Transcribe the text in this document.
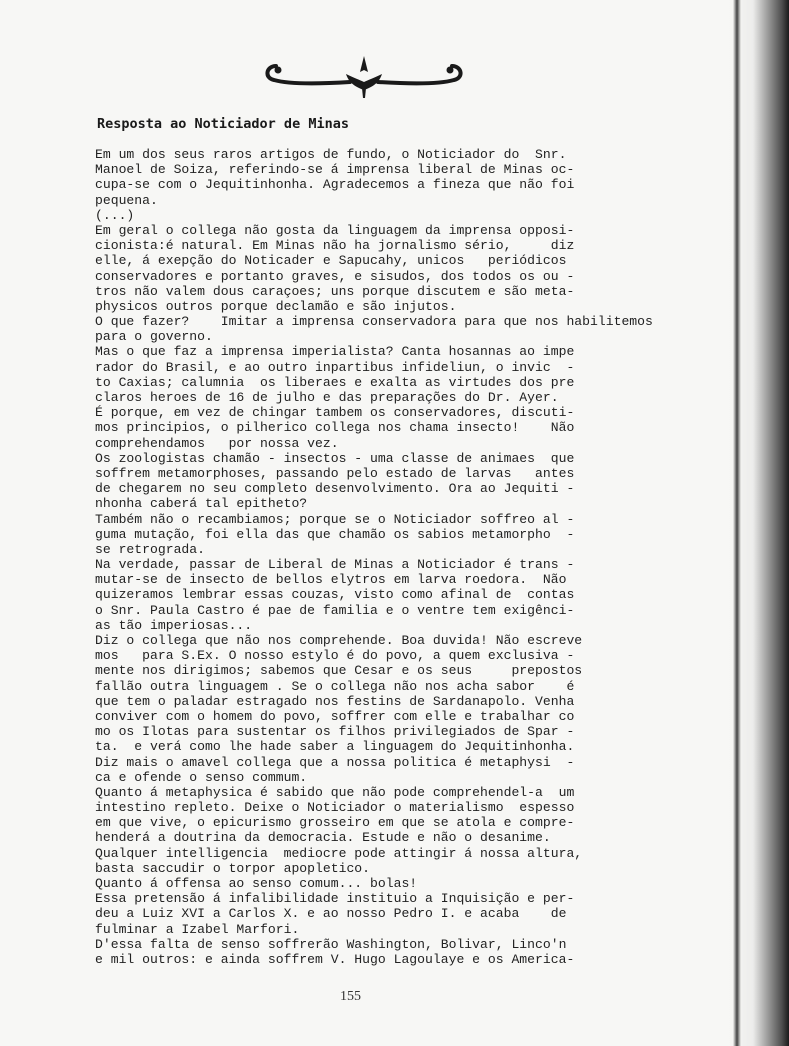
Resposta ao Noticiador de Minas
Em um dos seus raros artigos de fundo, o Noticiador do  Snr.
Manoel de Soiza, referindo-se á imprensa liberal de Minas oc-
cupa-se com o Jequitinhonha. Agradecemos a fineza que não foi
pequena.
(...)
Em geral o collega não gosta da linguagem da imprensa opposi-
cionista:é natural. Em Minas não ha jornalismo sério,     diz
elle, á exepção do Noticader e Sapucahy, unicos   periódicos
conservadores e portanto graves, e sisudos, dos todos os ou -
tros não valem dous caraçoes; uns porque discutem e são meta-
physicos outros porque declamão e são injutos.
O que fazer?    Imitar a imprensa conservadora para que nos habilitemos
para o governo.
Mas o que faz a imprensa imperialista? Canta hosannas ao impe
rador do Brasil, e ao outro inpartibus infideliun, o invic  -
to Caxias; calumnia  os liberaes e exalta as virtudes dos pre
claros heroes de 16 de julho e das preparações do Dr. Ayer.
É porque, em vez de chingar tambem os conservadores, discuti-
mos principios, o pilherico collega nos chama insecto!    Não
comprehendamos   por nossa vez.
Os zoologistas chamão - insectos - uma classe de animaes  que
soffrem metamorphoses, passando pelo estado de larvas   antes
de chegarem no seu completo desenvolvimento. Ora ao Jequiti -
nhonha caberá tal epitheto?
Também não o recambiamos; porque se o Noticiador soffreo al -
guma mutação, foi ella das que chamão os sabios metamorpho  -
se retrograda.
Na verdade, passar de Liberal de Minas a Noticiador é trans -
mutar-se de insecto de bellos elytros em larva roedora.  Não
quizeramos lembrar essas couzas, visto como afinal de  contas
o Snr. Paula Castro é pae de familia e o ventre tem exigênci-
as tão imperiosas...
Diz o collega que não nos comprehende. Boa duvida! Não escreve
mos   para S.Ex. O nosso estylo é do povo, a quem exclusiva -
mente nos dirigimos; sabemos que Cesar e os seus     prepostos
fallão outra linguagem . Se o collega não nos acha sabor    é
que tem o paladar estragado nos festins de Sardanapolo. Venha
conviver com o homem do povo, soffrer com elle e trabalhar co
mo os Ilotas para sustentar os filhos privilegiados de Spar -
ta.  e verá como lhe hade saber a linguagem do Jequitinhonha.
Diz mais o amavel collega que a nossa politica é metaphysi  -
ca e ofende o senso commum.
Quanto á metaphysica é sabido que não pode comprehendel-a  um
intestino repleto. Deixe o Noticiador o materialismo  espesso
em que vive, o epicurismo grosseiro em que se atola e compre-
henderá a doutrina da democracia. Estude e não o desanime.
Qualquer intelligencia  mediocre pode attingir á nossa altura,
basta saccudir o torpor apopletico.
Quanto á offensa ao senso comum... bolas!
Essa pretensão á infalibilidade instituio a Inquisição e per-
deu a Luiz XVI a Carlos X. e ao nosso Pedro I. e acaba    de
fulminar a Izabel Marfori.
D'essa falta de senso soffrerão Washington, Bolivar, Linco'n
e mil outros: e ainda soffrem V. Hugo Lagoulaye e os America-
155
